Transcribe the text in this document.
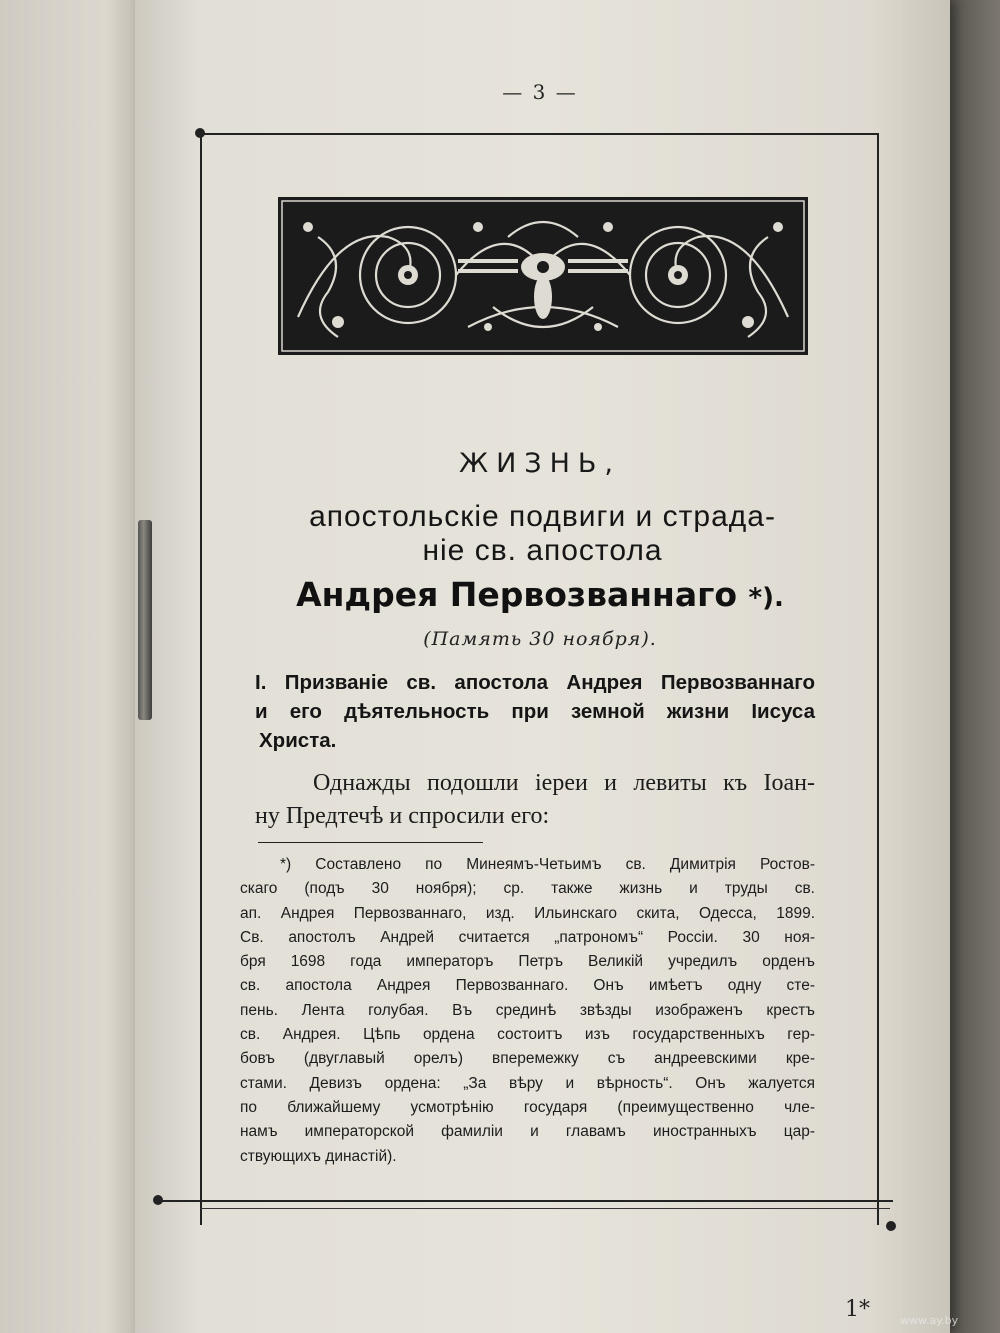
— 3 —
ЖИЗНЬ,
апостольскіе подвиги и страда-
ніе св. апостола
Андрея Первозваннаго *).
(Память 30 ноября).
I. Призваніе св. апостола Андрея Первозваннаго
и его дѣятельность при земной жизни Іисуса
Христа.
Однажды подошли іереи и левиты къ Іоан-
ну Предтечѣ и спросили его:
*) Составлено по Минеямъ-Четьимъ св. Димитрія Ростов-
скаго (подъ 30 ноября); ср. также жизнь и труды св.
ап. Андрея Первозваннаго, изд. Ильинскаго скита, Одесса, 1899.
Св. апостолъ Андрей считается „патрономъ“ Россіи. 30 ноя-
бря 1698 года императоръ Петръ Великій учредилъ орденъ
св. апостола Андрея Первозваннаго. Онъ имѣетъ одну сте-
пень. Лента голубая. Въ срединѣ звѣзды изображенъ крестъ
св. Андрея. Цѣпь ордена состоитъ изъ государственныхъ гер-
бовъ (двуглавый орелъ) вперемежку съ андреевскими кре-
стами. Девизъ ордена: „За вѣру и вѣрность“. Онъ жалуется
по ближайшему усмотрѣнію государя (преимущественно чле-
намъ императорской фамиліи и главамъ иностранныхъ цар-
ствующихъ династій).
1*	www.ay.by
